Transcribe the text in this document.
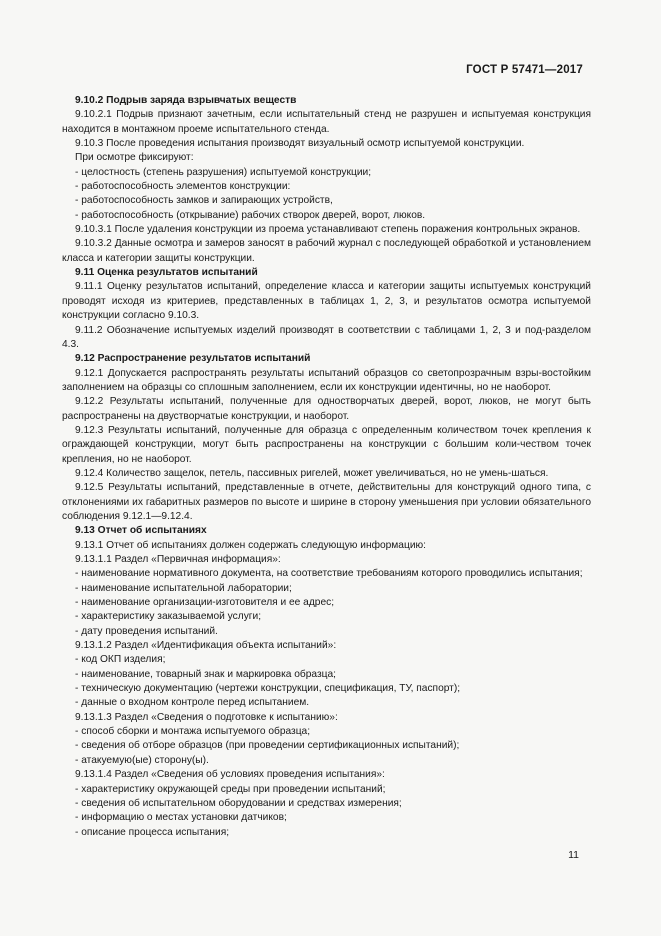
ГОСТ Р 57471—2017

9.10.2 Подрыв заряда взрывчатых веществ

9.10.2.1 Подрыв признают зачетным, если испытательный стенд не разрушен и испытуемая конструкция находится в монтажном проеме испытательного стенда.

9.10.3 После проведения испытания производят визуальный осмотр испытуемой конструкции.

При осмотре фиксируют:

- целостность (степень разрушения) испытуемой конструкции;

- работоспособность элементов конструкции:

- работоспособность замков и запирающих устройств,

- работоспособность (открывание) рабочих створок дверей, ворот, люков.

9.10.3.1 После удаления конструкции из проема устанавливают степень поражения контрольных экранов.

9.10.3.2 Данные осмотра и замеров заносят в рабочий журнал с последующей обработкой и установлением класса и категории защиты конструкции.

9.11 Оценка результатов испытаний

9.11.1 Оценку результатов испытаний, определение класса и категории защиты испытуемых конструкций проводят исходя из критериев, представленных в таблицах 1, 2, 3, и результатов осмотра испытуемой конструкции согласно 9.10.3.

9.11.2 Обозначение испытуемых изделий производят в соответствии с таблицами 1, 2, 3 и под-разделом 4.3.

9.12 Распространение результатов испытаний

9.12.1 Допускается распространять результаты испытаний образцов со светопрозрачным взры-востойким заполнением на образцы со сплошным заполнением, если их конструкции идентичны, но не наоборот.

9.12.2 Результаты испытаний, полученные для одностворчатых дверей, ворот, люков, не могут быть распространены на двустворчатые конструкции, и наоборот.

9.12.3 Результаты испытаний, полученные для образца с определенным количеством точек крепления к ограждающей конструкции, могут быть распространены на конструкции с большим коли-чеством точек крепления, но не наоборот.

9.12.4 Количество защелок, петель, пассивных ригелей, может увеличиваться, но не умень-шаться.

9.12.5 Результаты испытаний, представленные в отчете, действительны для конструкций одного типа, с отклонениями их габаритных размеров по высоте и ширине в сторону уменьшения при условии обязательного соблюдения 9.12.1—9.12.4.

9.13 Отчет об испытаниях

9.13.1 Отчет об испытаниях должен содержать следующую информацию:

9.13.1.1 Раздел «Первичная информация»:

- наименование нормативного документа, на соответствие требованиям которого проводились испытания;

- наименование испытательной лаборатории;

- наименование организации-изготовителя и ее адрес;

- характеристику заказываемой услуги;

- дату проведения испытаний.

9.13.1.2 Раздел «Идентификация объекта испытаний»:

- код ОКП изделия;

- наименование, товарный знак и маркировка образца;

- техническую документацию (чертежи конструкции, спецификация, ТУ, паспорт);

- данные о входном контроле перед испытанием.

9.13.1.3 Раздел «Сведения о подготовке к испытанию»:

- способ сборки и монтажа испытуемого образца;

- сведения об отборе образцов (при проведении сертификационных испытаний);

- атакуемую(ые) сторону(ы).

9.13.1.4 Раздел «Сведения об условиях проведения испытания»:

- характеристику окружающей среды при проведении испытаний;

- сведения об испытательном оборудовании и средствах измерения;

- информацию о местах установки датчиков;

- описание процесса испытания;

11
